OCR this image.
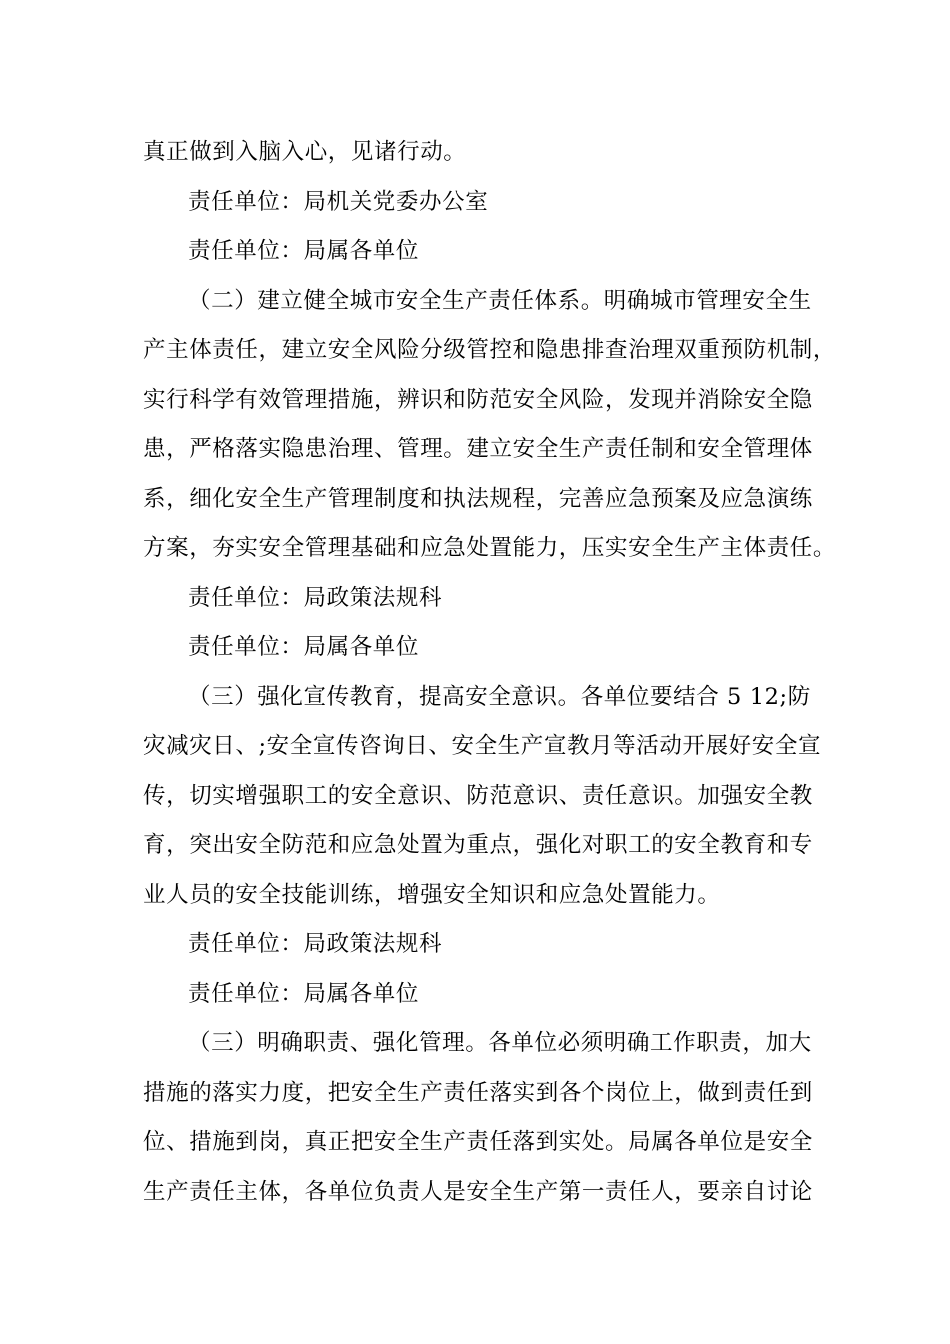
真正做到入脑入心，见诸行动。
责任单位：局机关党委办公室
责任单位：局属各单位
（二）建立健全城市安全生产责任体系。明确城市管理安全生
产主体责任，建立安全风险分级管控和隐患排查治理双重预防机制，
实行科学有效管理措施，辨识和防范安全风险，发现并消除安全隐
患，严格落实隐患治理、管理。建立安全生产责任制和安全管理体
系，细化安全生产管理制度和执法规程，完善应急预案及应急演练
方案，夯实安全管理基础和应急处置能力，压实安全生产主体责任。
责任单位：局政策法规科
责任单位：局属各单位
（三）强化宣传教育，提高安全意识。各单位要结合 5 12;防
灾减灾日、;安全宣传咨询日、安全生产宣教月等活动开展好安全宣
传，切实增强职工的安全意识、防范意识、责任意识。加强安全教
育，突出安全防范和应急处置为重点，强化对职工的安全教育和专
业人员的安全技能训练，增强安全知识和应急处置能力。
责任单位：局政策法规科
责任单位：局属各单位
（三）明确职责、强化管理。各单位必须明确工作职责，加大
措施的落实力度，把安全生产责任落实到各个岗位上，做到责任到
位、措施到岗，真正把安全生产责任落到实处。局属各单位是安全
生产责任主体，各单位负责人是安全生产第一责任人，要亲自讨论
